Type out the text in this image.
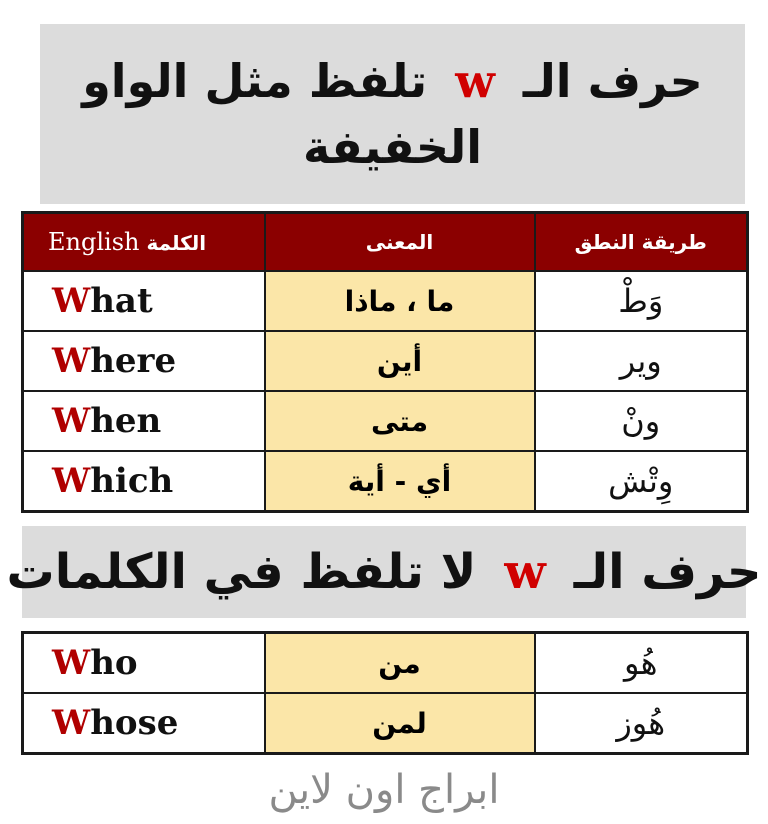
حرف الـwتلفظ مثل الواو
الخفيفة
الكلمة English	المعنى	طريقة النطق
What	ما ، ماذا	وَطْ
Where	أين	وير
When	متى	ونْ
Which	أي - أية	وِتْش
حرف الـwلا تلفظ في الكلمات
Who	من	هُو
Whose	لمن	هُوز
ابراج اون لاين
